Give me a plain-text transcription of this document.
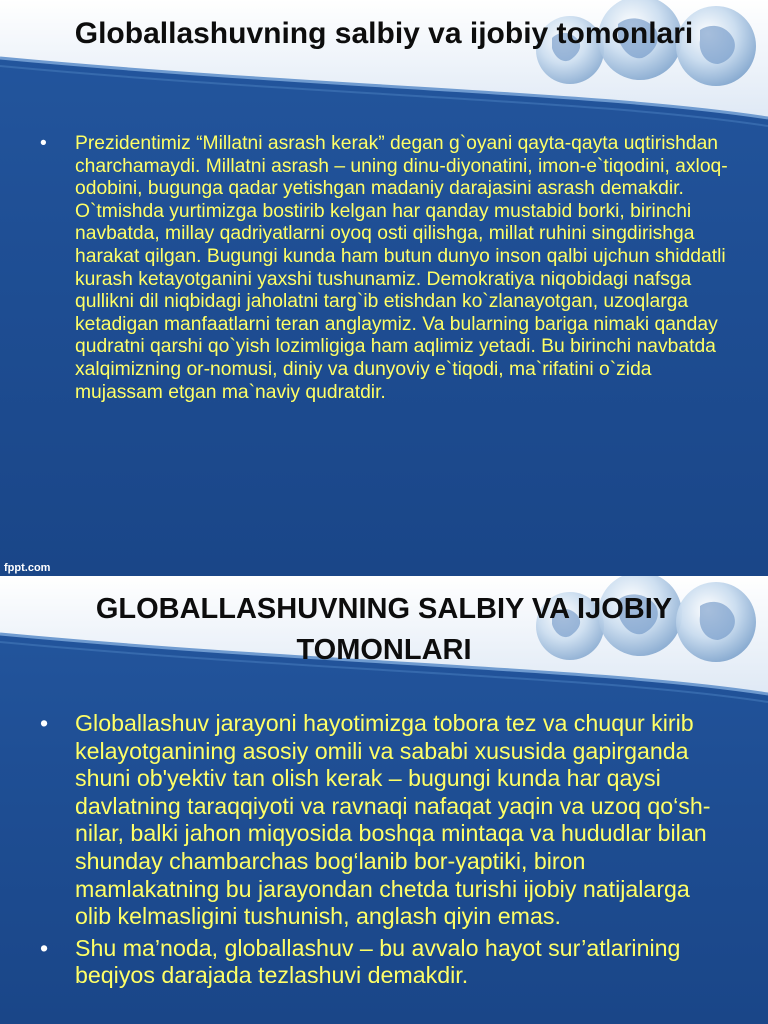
Globallashuvning salbiy va ijobiy tomonlari
• Prezidentimiz “Millatni asrash kerak” degan g`oyani qayta-qayta uqtirishdan charchamaydi. Millatni asrash – uning dinu-diyonatini, imon-e`tiqodini, axloq-odobini, bugunga qadar yetishgan madaniy darajasini asrash demakdir. O`tmishda yurtimizga bostirib kelgan har qanday mustabid borki, birinchi navbatda, millay qadriyatlarni oyoq osti qilishga, millat ruhini singdirishga harakat qilgan. Bugungi kunda ham butun dunyo inson qalbi ujchun shiddatli kurash ketayotganini yaxshi tushunamiz. Demokratiya niqobidagi nafsga qullikni dil niqbidagi jaholatni targ`ib etishdan ko`zlanayotgan, uzoqlarga ketadigan manfaatlarni teran anglaymiz. Va bularning bariga nimaki qanday qudratni qarshi qo`yish lozimligiga ham aqlimiz yetadi. Bu birinchi navbatda xalqimizning or-nomusi, diniy va dunyoviy e`tiqodi, ma`rifatini o`zida mujassam etgan ma`naviy qudratdir.
fppt.com
GLOBALLASHUVNING SALBIY VA IJOBIY TOMONLARI
• Globallashuv jarayoni hayotimizga tobora tez va chuqur kirib kelayotganining asosiy omili va sababi xususida gapirganda shuni ob'yektiv tan olish kerak – bugungi kunda har qaysi davlatning taraqqiyoti va ravnaqi nafaqat yaqin va uzoq qo‘sh-nilar, balki jahon miqyosida boshqa mintaqa va hududlar bilan shunday chambarchas bog‘lanib bor-yaptiki, biron mamlakatning bu jarayondan chetda turishi ijobiy natijalarga olib kelmasligini tushunish, anglash qiyin emas.
• Shu ma’noda, globallashuv – bu avvalo hayot sur’atlarining beqiyos darajada tezlashuvi demakdir.
